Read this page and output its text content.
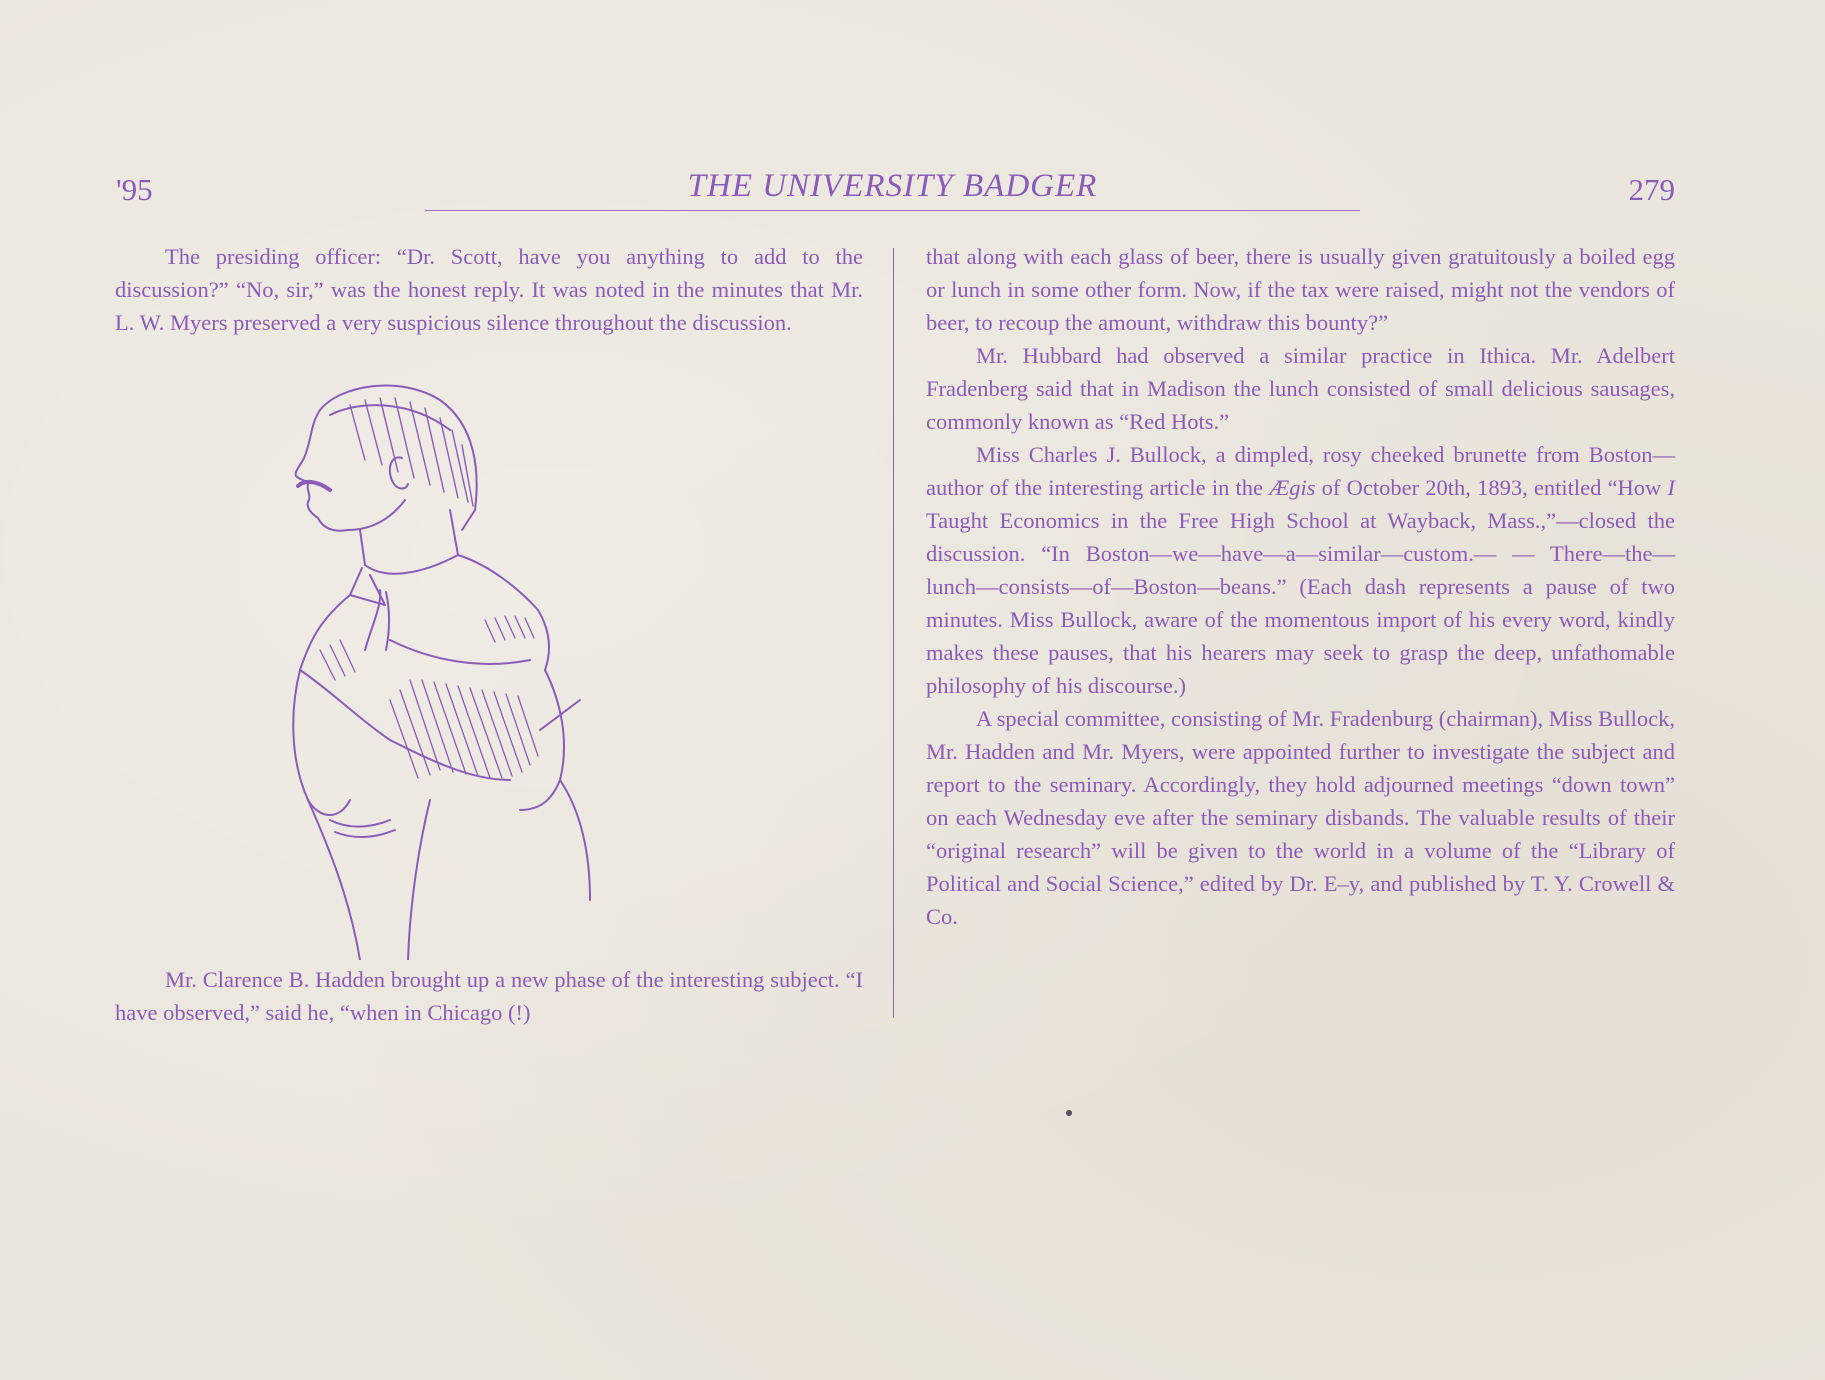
'95	THE UNIVERSITY BADGER	279

The presiding officer: “Dr. Scott, have you anything to add to the discussion?” “No, sir,” was the honest reply. It was noted in the minutes that Mr. L. W. Myers preserved a very suspicious silence throughout the discussion.

Mr. Clarence B. Hadden brought up a new phase of the interesting subject. “I have observed,” said he, “when in Chicago (!)

that along with each glass of beer, there is usually given gratuitously a boiled egg or lunch in some other form. Now, if the tax were raised, might not the vendors of beer, to recoup the amount, withdraw this bounty?”

Mr. Hubbard had observed a similar practice in Ithica. Mr. Adelbert Fradenberg said that in Madison the lunch consisted of small delicious sausages, commonly known as “Red Hots.”

Miss Charles J. Bullock, a dimpled, rosy cheeked brunette from Boston—author of the interesting article in the Ægis of October 20th, 1893, entitled “How I Taught Economics in the Free High School at Wayback, Mass.,”—closed the discussion. “In Boston—we—have—a—similar—custom.— — There—the—lunch—consists—of—Boston—beans.” (Each dash represents a pause of two minutes. Miss Bullock, aware of the momentous import of his every word, kindly makes these pauses, that his hearers may seek to grasp the deep, unfathomable philosophy of his discourse.)

A special committee, consisting of Mr. Fradenburg (chairman), Miss Bullock, Mr. Hadden and Mr. Myers, were appointed further to investigate the subject and report to the seminary. Accordingly, they hold adjourned meetings “down town” on each Wednesday eve after the seminary disbands. The valuable results of their “original research” will be given to the world in a volume of the “Library of Political and Social Science,” edited by Dr. E–y, and published by T. Y. Crowell & Co.
